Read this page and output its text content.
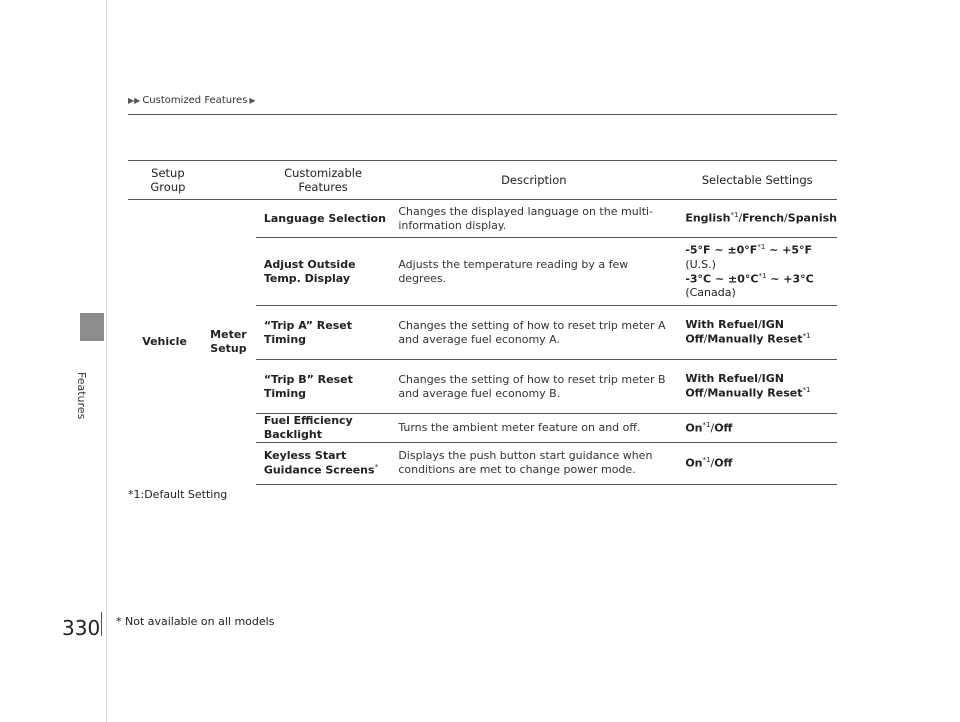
Features
▶▶ Customized Features ▶
Setup Group		Customizable Features	Description	Selectable Settings
Vehicle	Meter Setup	Language Selection	Changes the displayed language on the multi-information display.	English$^{*1}$/French/Spanish
		Adjust Outside Temp. Display	Adjusts the temperature reading by a few degrees.	-5°F ~ $\pm 0^\circ F^{*1}$ ~ +5°F
(U.S.)
-3°C ~ $\pm 0^\circ C^{*1}$ ~ +3°C
(Canada)
		“Trip A” Reset Timing	Changes the setting of how to reset trip meter A and average fuel economy A.	With Refuel/IGN Off/Manually Reset$^{*1}$
		“Trip B” Reset Timing	Changes the setting of how to reset trip meter B and average fuel economy B.	With Refuel/IGN Off/Manually Reset$^{*1}$
		Fuel Efficiency Backlight	Turns the ambient meter feature on and off.	On$^{*1}$/Off
		Keyless Start Guidance Screens*	Displays the push button start guidance when conditions are met to change power mode.	On$^{*1}$/Off
*1:Default Setting
330 * Not available on all models
